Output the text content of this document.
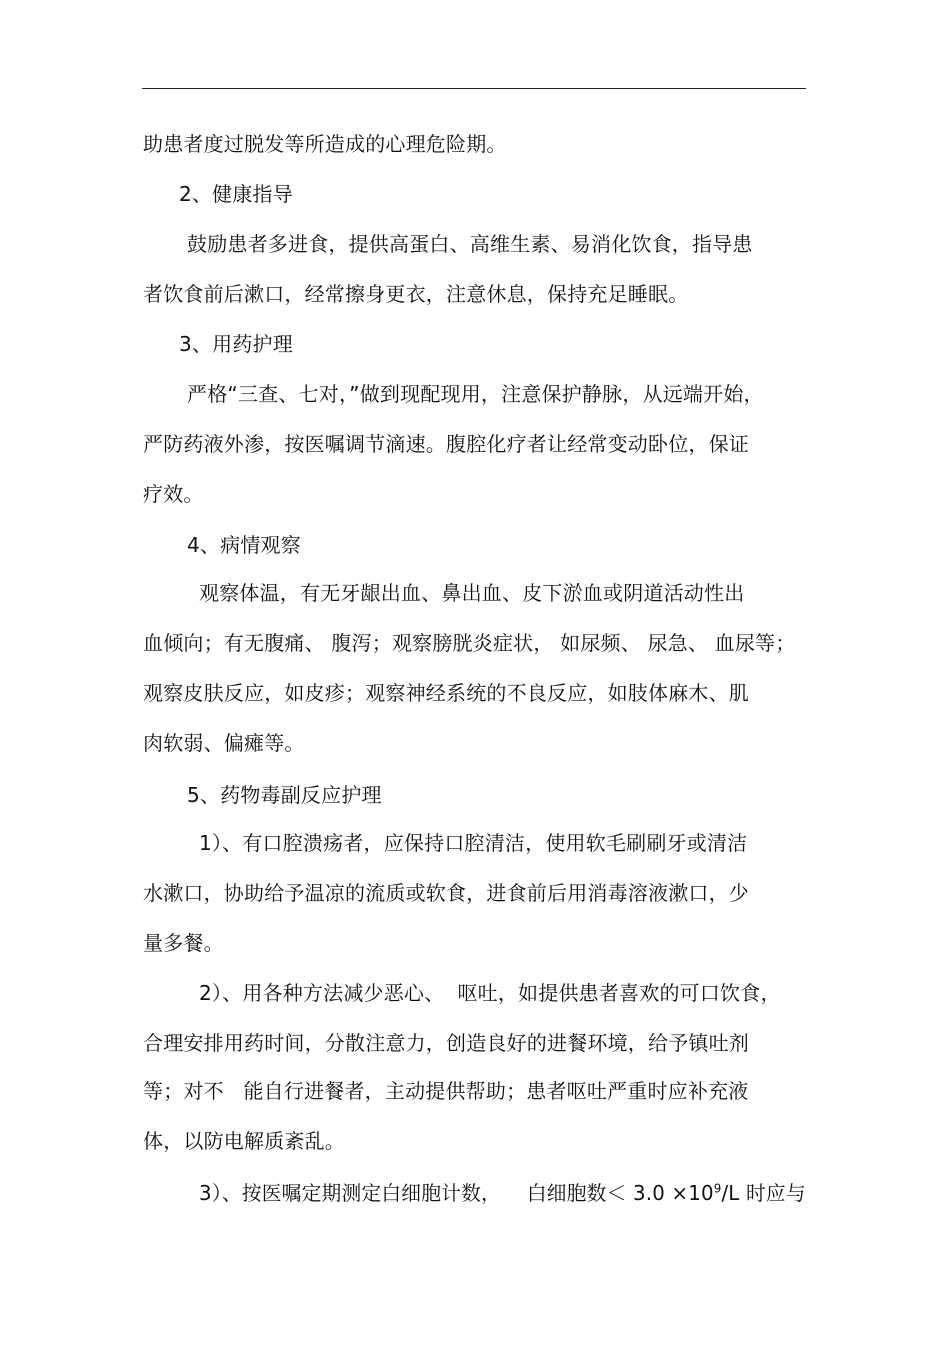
助患者度过脱发等所造成的心理危险期。
2、健康指导
鼓励患者多进食，提供高蛋白、高维生素、易消化饮食，指导患
者饮食前后漱口，经常擦身更衣，注意休息，保持充足睡眠。
3、用药护理
严格“三查、七对，”做到现配现用，注意保护静脉，从远端开始，
严防药液外渗，按医嘱调节滴速。腹腔化疗者让经常变动卧位，保证
疗效。
4、病情观察
观察体温，有无牙龈出血、鼻出血、皮下淤血或阴道活动性出
血倾向；有无腹痛、 腹泻；观察膀胱炎症状， 如尿频、 尿急、 血尿等；
观察皮肤反应，如皮疹；观察神经系统的不良反应，如肢体麻木、肌
肉软弱、偏瘫等。
5、药物毒副反应护理
1）、有口腔溃疡者，应保持口腔清洁，使用软毛刷刷牙或清洁
水漱口，协助给予温凉的流质或软食，进食前后用消毒溶液漱口，少
量多餐。
2）、用各种方法减少恶心、  呕吐，如提供患者喜欢的可口饮食，
合理安排用药时间，分散注意力，创造良好的进餐环境，给予镇吐剂
等；对不   能自行进餐者，主动提供帮助；患者呕吐严重时应补充液
体，以防电解质紊乱。
3）、按医嘱定期测定白细胞计数，    白细胞数＜ $3.0 \times 10^9/L$ 时应与
